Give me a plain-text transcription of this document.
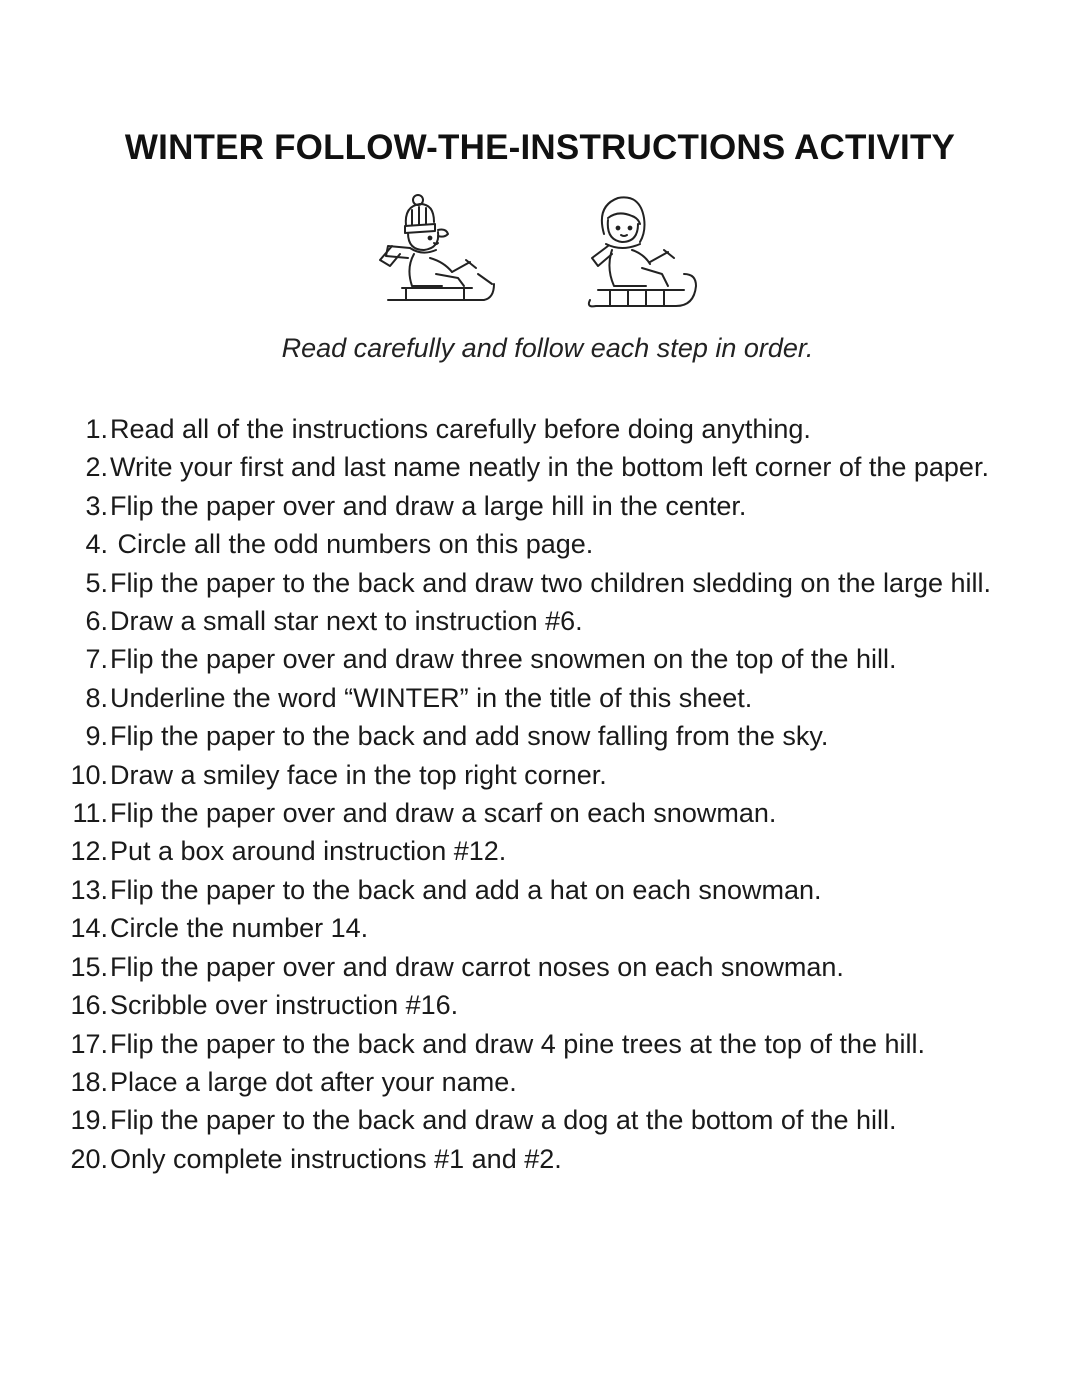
WINTER FOLLOW-THE-INSTRUCTIONS ACTIVITY
Read carefully and follow each step in order.
1. Read all of the instructions carefully before doing anything.
2. Write your first and last name neatly in the bottom left corner of the paper.
3. Flip the paper over and draw a large hill in the center.
4. Circle all the odd numbers on this page.
5. Flip the paper to the back and draw two children sledding on the large hill.
6. Draw a small star next to instruction #6.
7. Flip the paper over and draw three snowmen on the top of the hill.
8. Underline the word “WINTER” in the title of this sheet.
9. Flip the paper to the back and add snow falling from the sky.
10. Draw a smiley face in the top right corner.
11. Flip the paper over and draw a scarf on each snowman.
12. Put a box around instruction #12.
13. Flip the paper to the back and add a hat on each snowman.
14. Circle the number 14.
15. Flip the paper over and draw carrot noses on each snowman.
16. Scribble over instruction #16.
17. Flip the paper to the back and draw 4 pine trees at the top of the hill.
18. Place a large dot after your name.
19. Flip the paper to the back and draw a dog at the bottom of the hill.
20. Only complete instructions #1 and #2.
